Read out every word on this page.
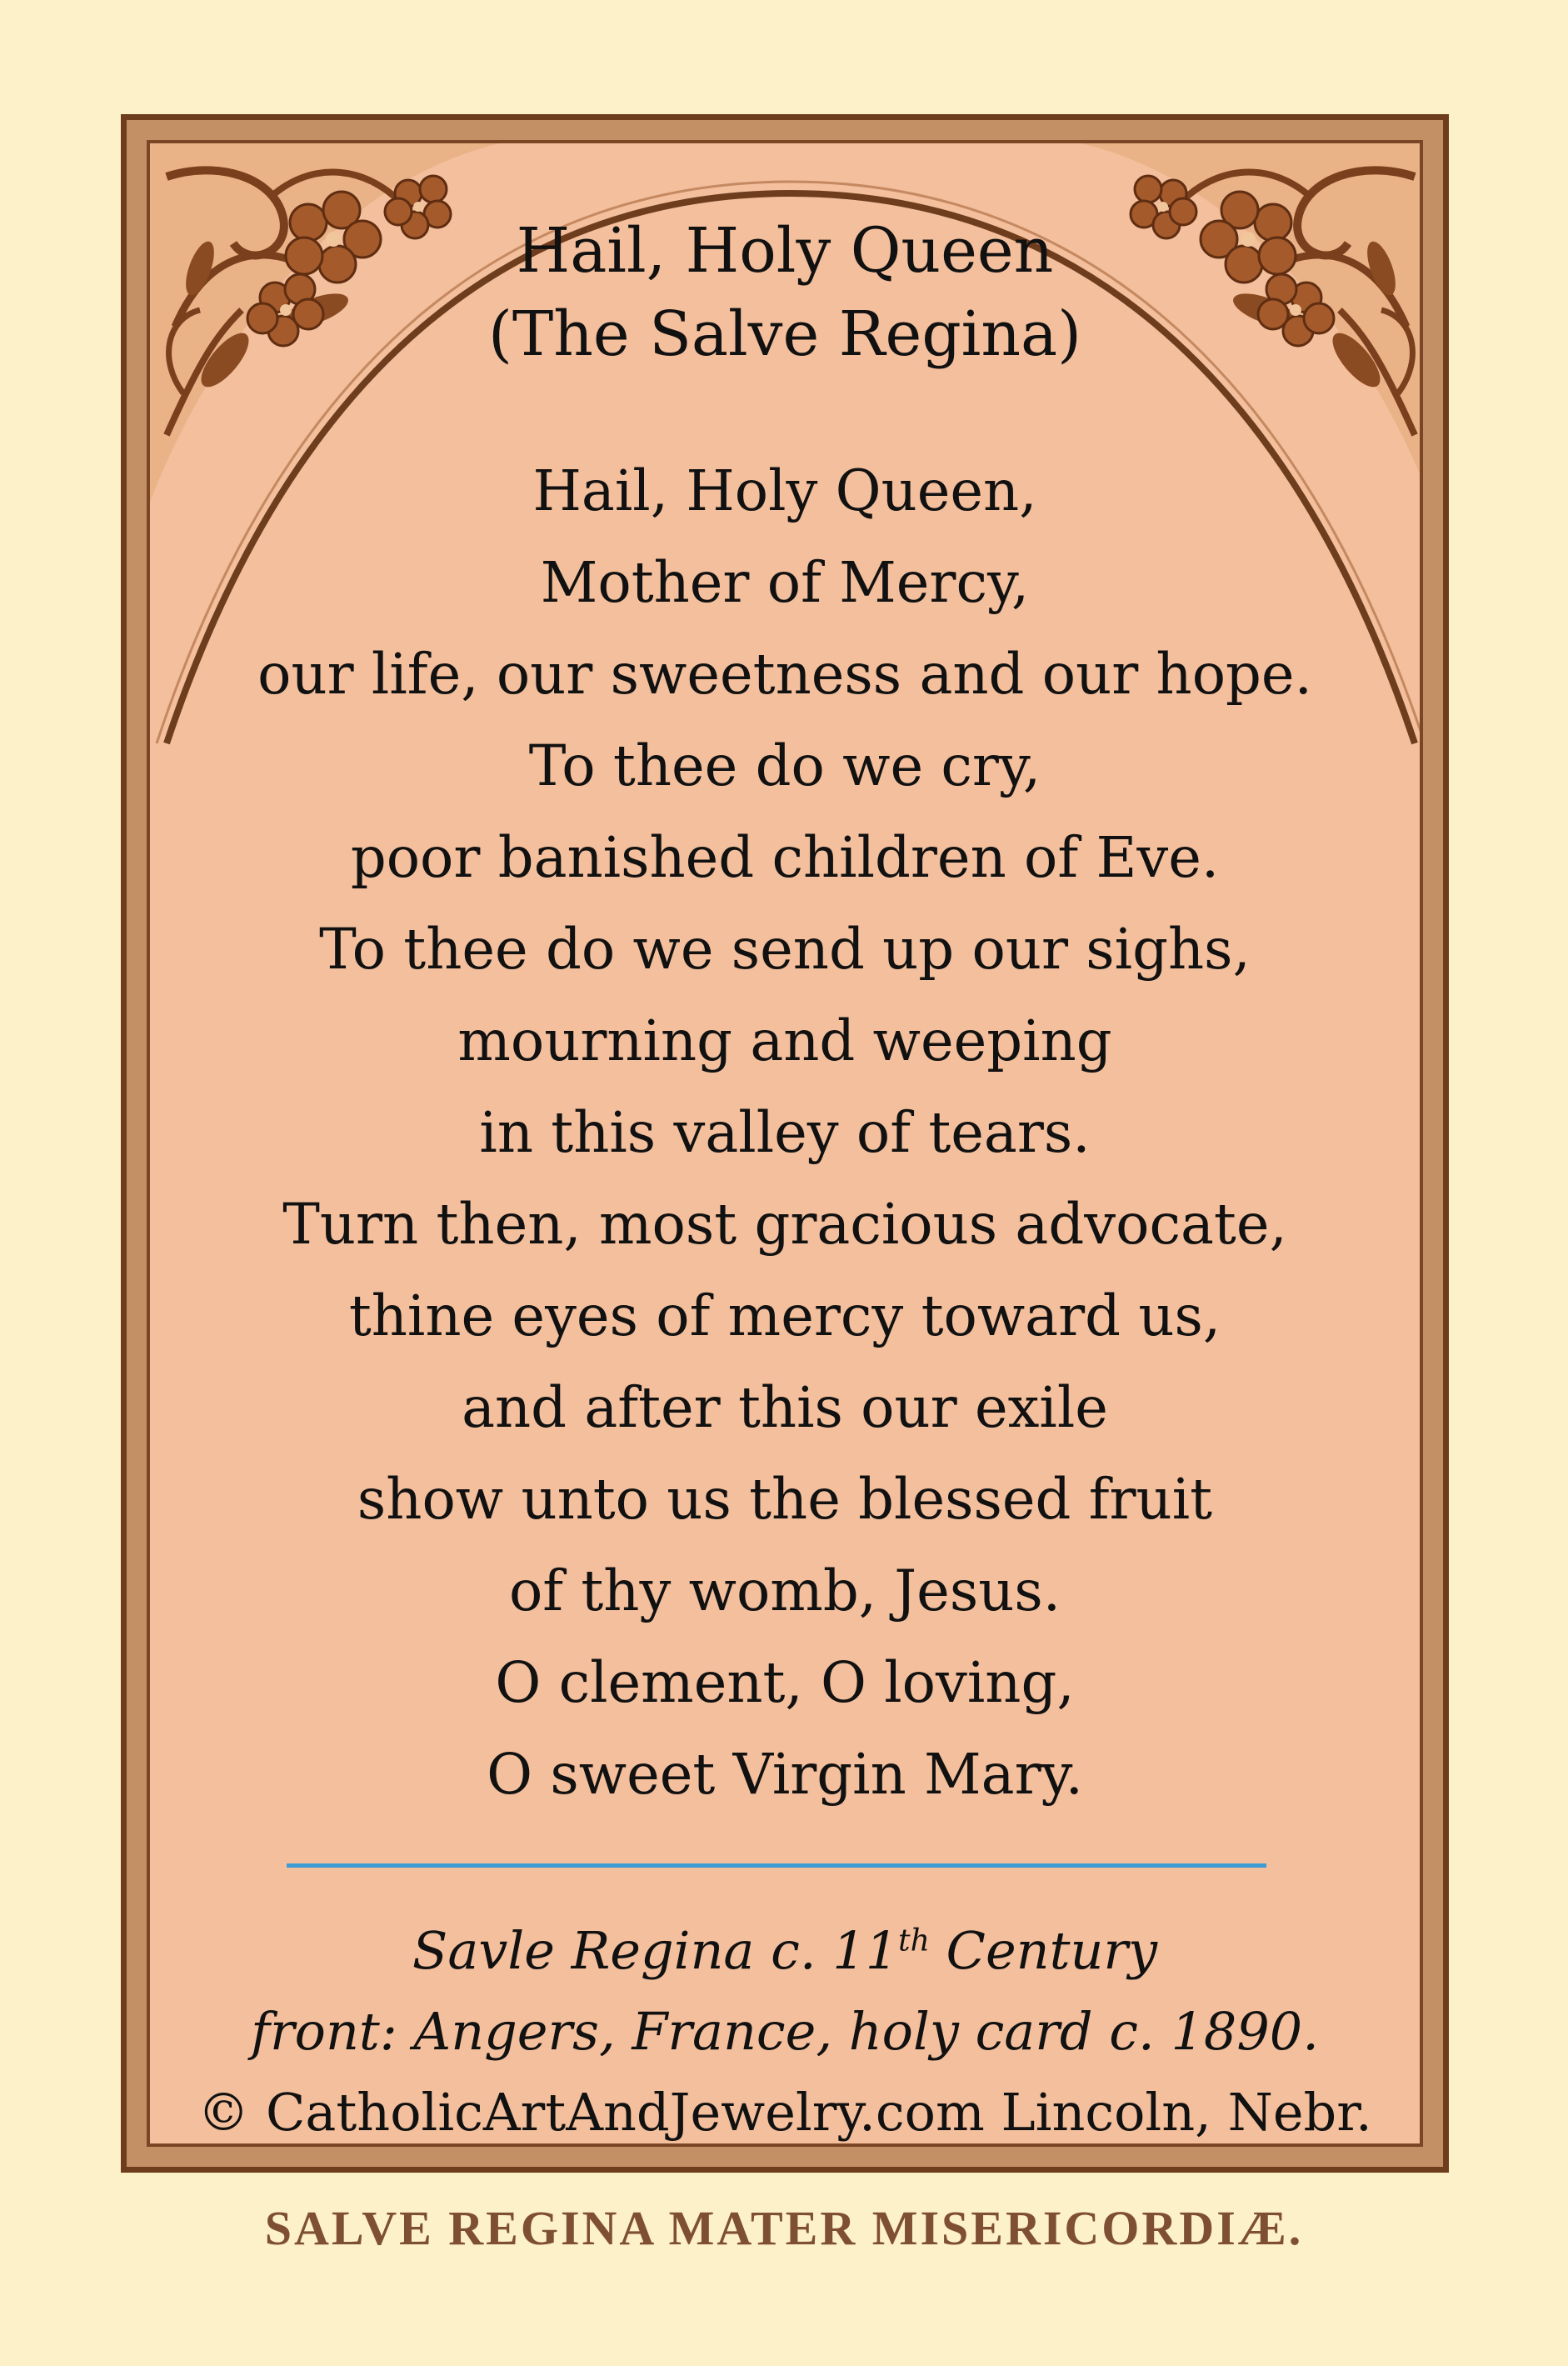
Hail, Holy Queen
(The Salve Regina)
Hail, Holy Queen,
Mother of Mercy,
our life, our sweetness and our hope.
To thee do we cry,
poor banished children of Eve.
To thee do we send up our sighs,
mourning and weeping
in this valley of tears.
Turn then, most gracious advocate,
thine eyes of mercy toward us,
and after this our exile
show unto us the blessed fruit
of thy womb, Jesus.
O clement, O loving,
O sweet Virgin Mary.
Savle Regina c. 11th Century
front: Angers, France, holy card c. 1890.
© CatholicArtAndJewelry.com Lincoln, Nebr.
SALVE REGINA MATER MISERICORDIÆ.
